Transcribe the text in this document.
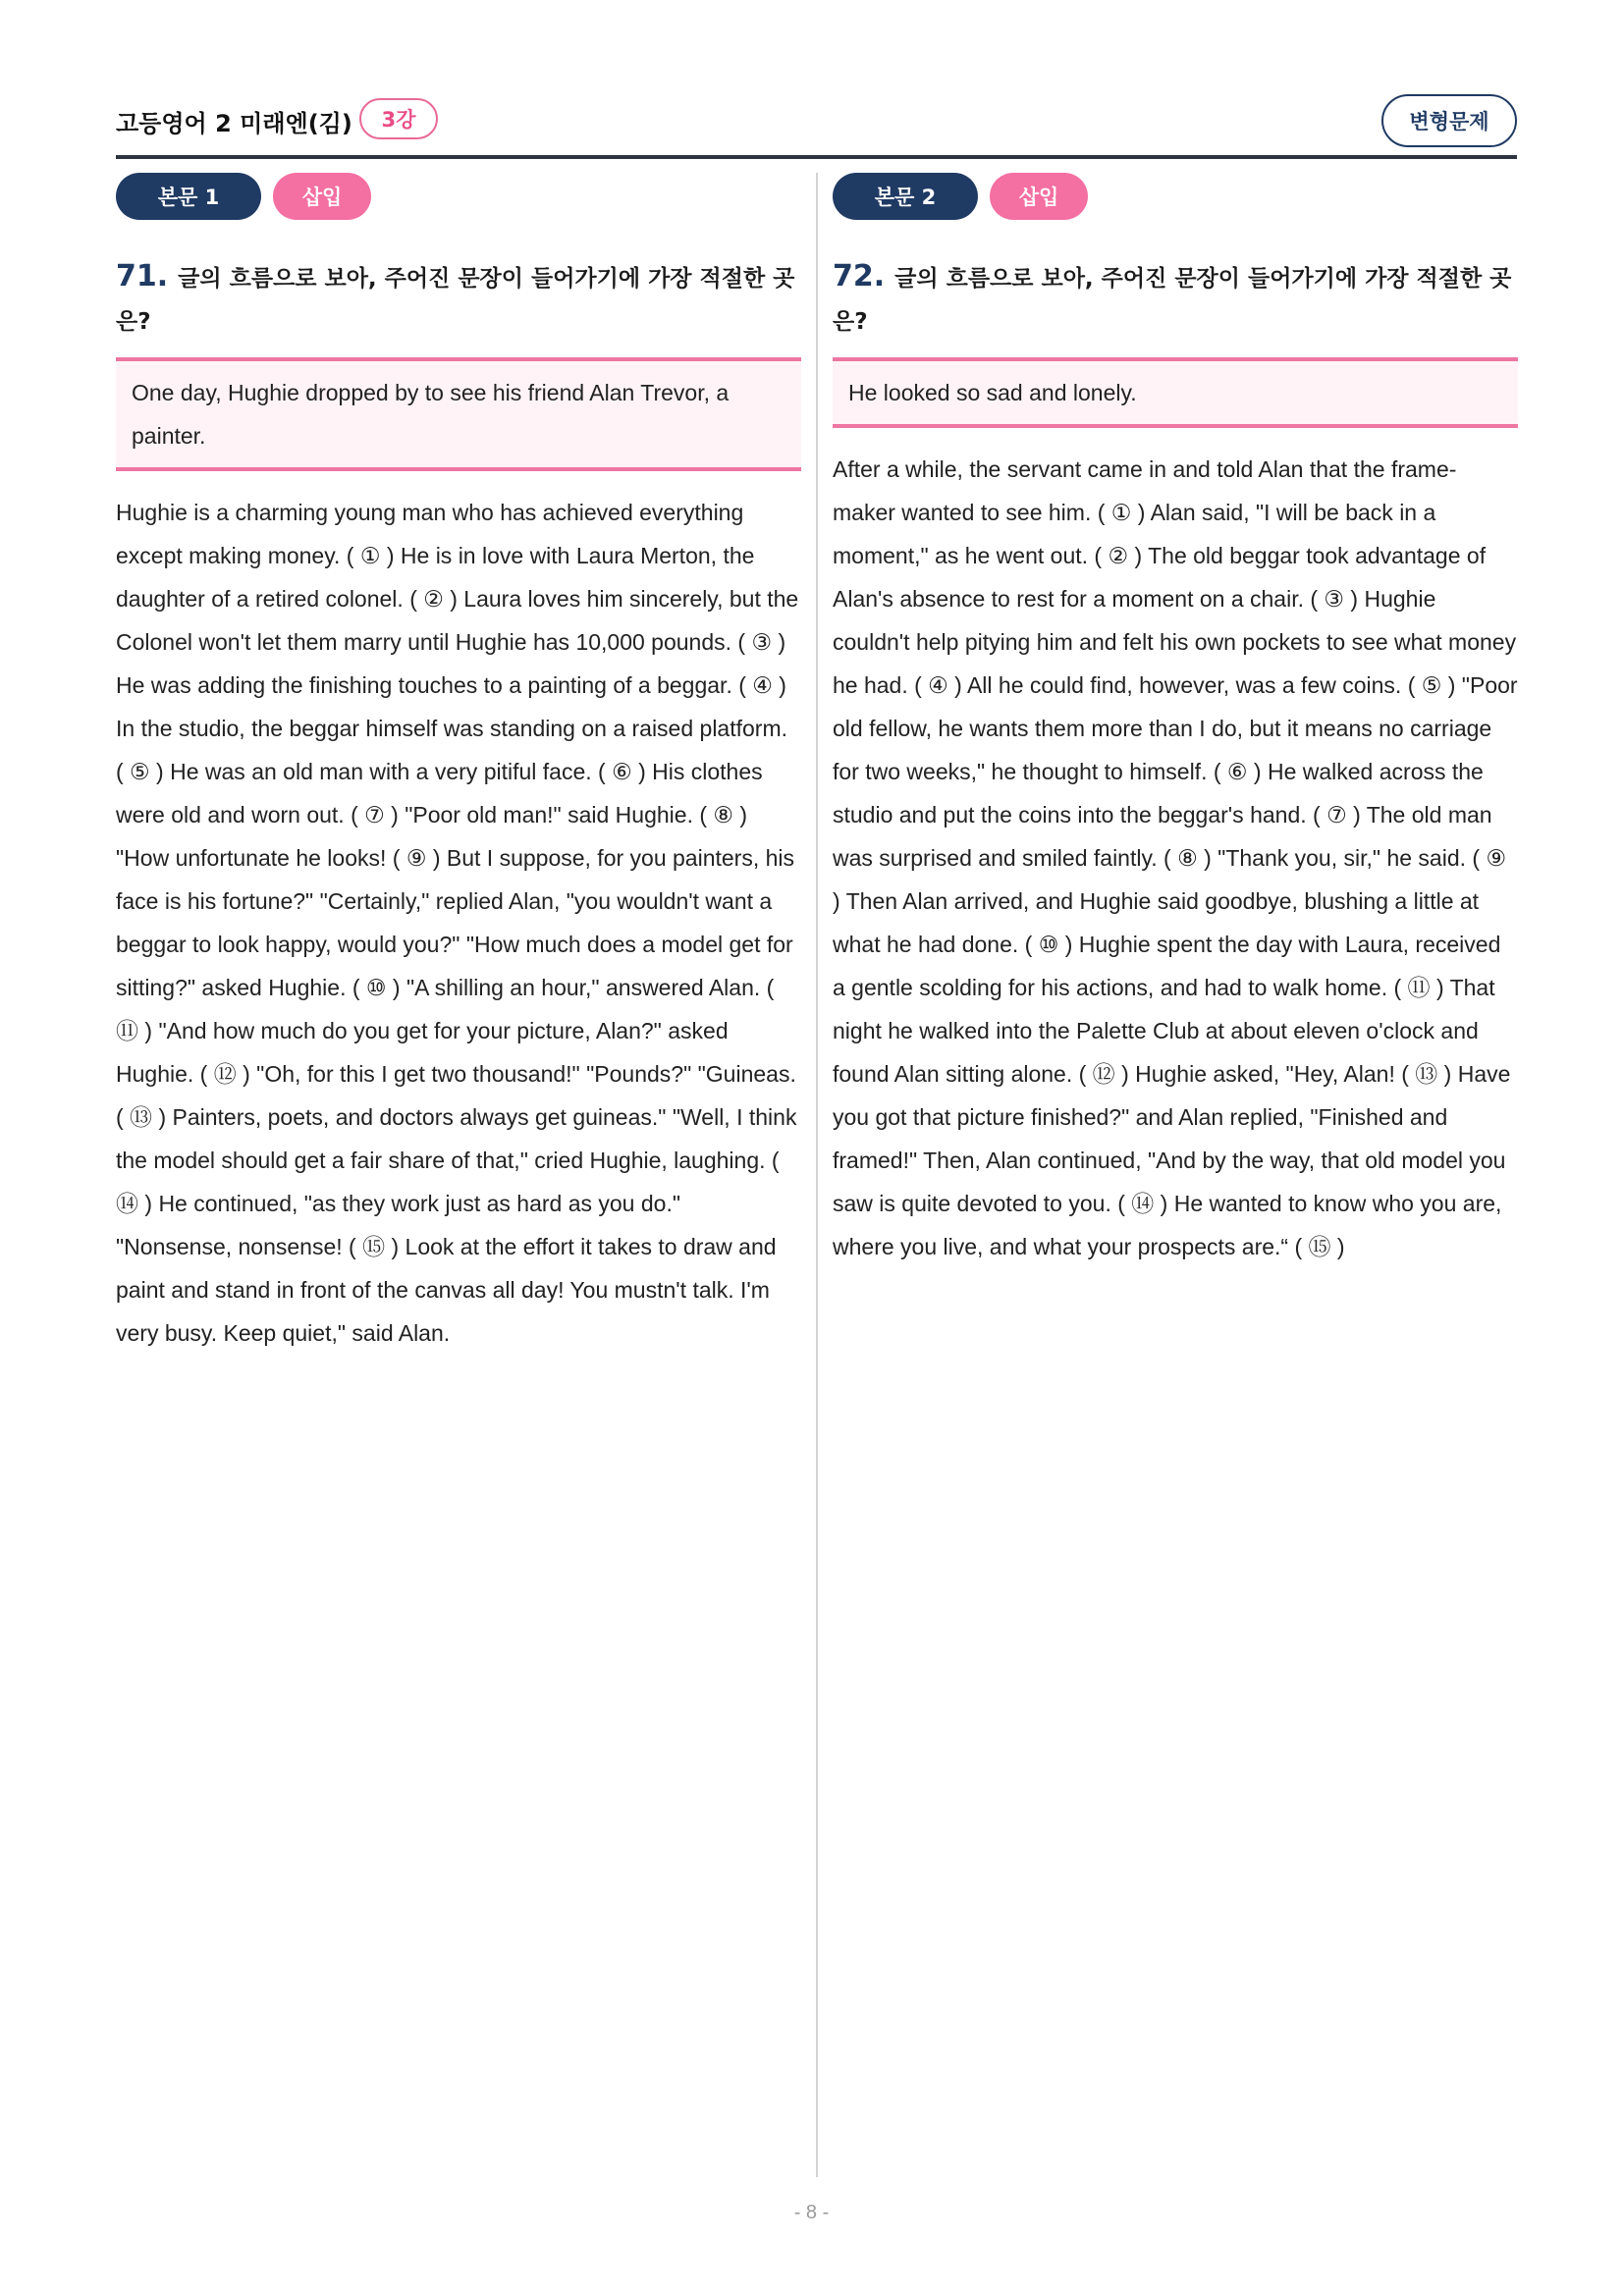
고등영어 2 미래엔(김)	3강	변형문제
본문 1	삽입
71. 글의 흐름으로 보아, 주어진 문장이 들어가기에 가장 적절한 곳은?
One day, Hughie dropped by to see his friend Alan Trevor, a painter.

Hughie is a charming young man who has achieved everything except making money. ( ① ) He is in love with Laura Merton, the daughter of a retired colonel. ( ② ) Laura loves him sincerely, but the Colonel won't let them marry until Hughie has 10,000 pounds. ( ③ ) He was adding the finishing touches to a painting of a beggar. ( ④ ) In the studio, the beggar himself was standing on a raised platform. ( ⑤ ) He was an old man with a very pitiful face. ( ⑥ ) His clothes were old and worn out. ( ⑦ ) "Poor old man!" said Hughie. ( ⑧ ) "How unfortunate he looks! ( ⑨ ) But I suppose, for you painters, his face is his fortune?" "Certainly," replied Alan, "you wouldn't want a beggar to look happy, would you?" "How much does a model get for sitting?" asked Hughie. ( ⑩ ) "A shilling an hour," answered Alan. ( ⑪ ) "And how much do you get for your picture, Alan?" asked Hughie. ( ⑫ ) "Oh, for this I get two thousand!" "Pounds?" "Guineas. ( ⑬ ) Painters, poets, and doctors always get guineas." "Well, I think the model should get a fair share of that," cried Hughie, laughing. ( ⑭ ) He continued, "as they work just as hard as you do." "Nonsense, nonsense! ( ⑮ ) Look at the effort it takes to draw and paint and stand in front of the canvas all day! You mustn't talk. I'm very busy. Keep quiet," said Alan.

본문 2	삽입
72. 글의 흐름으로 보아, 주어진 문장이 들어가기에 가장 적절한 곳은?
He looked so sad and lonely.

After a while, the servant came in and told Alan that the frame-maker wanted to see him. ( ① ) Alan said, "I will be back in a moment," as he went out. ( ② ) The old beggar took advantage of Alan's absence to rest for a moment on a chair. ( ③ ) Hughie couldn't help pitying him and felt his own pockets to see what money he had. ( ④ ) All he could find, however, was a few coins. ( ⑤ ) "Poor old fellow, he wants them more than I do, but it means no carriage for two weeks," he thought to himself. ( ⑥ ) He walked across the studio and put the coins into the beggar's hand. ( ⑦ ) The old man was surprised and smiled faintly. ( ⑧ ) "Thank you, sir," he said. ( ⑨ ) Then Alan arrived, and Hughie said goodbye, blushing a little at what he had done. ( ⑩ ) Hughie spent the day with Laura, received a gentle scolding for his actions, and had to walk home. ( ⑪ ) That night he walked into the Palette Club at about eleven o'clock and found Alan sitting alone. ( ⑫ ) Hughie asked, "Hey, Alan! ( ⑬ ) Have you got that picture finished?" and Alan replied, "Finished and framed!" Then, Alan continued, "And by the way, that old model you saw is quite devoted to you. ( ⑭ ) He wanted to know who you are, where you live, and what your prospects are.“ ( ⑮ )

- 8 -
